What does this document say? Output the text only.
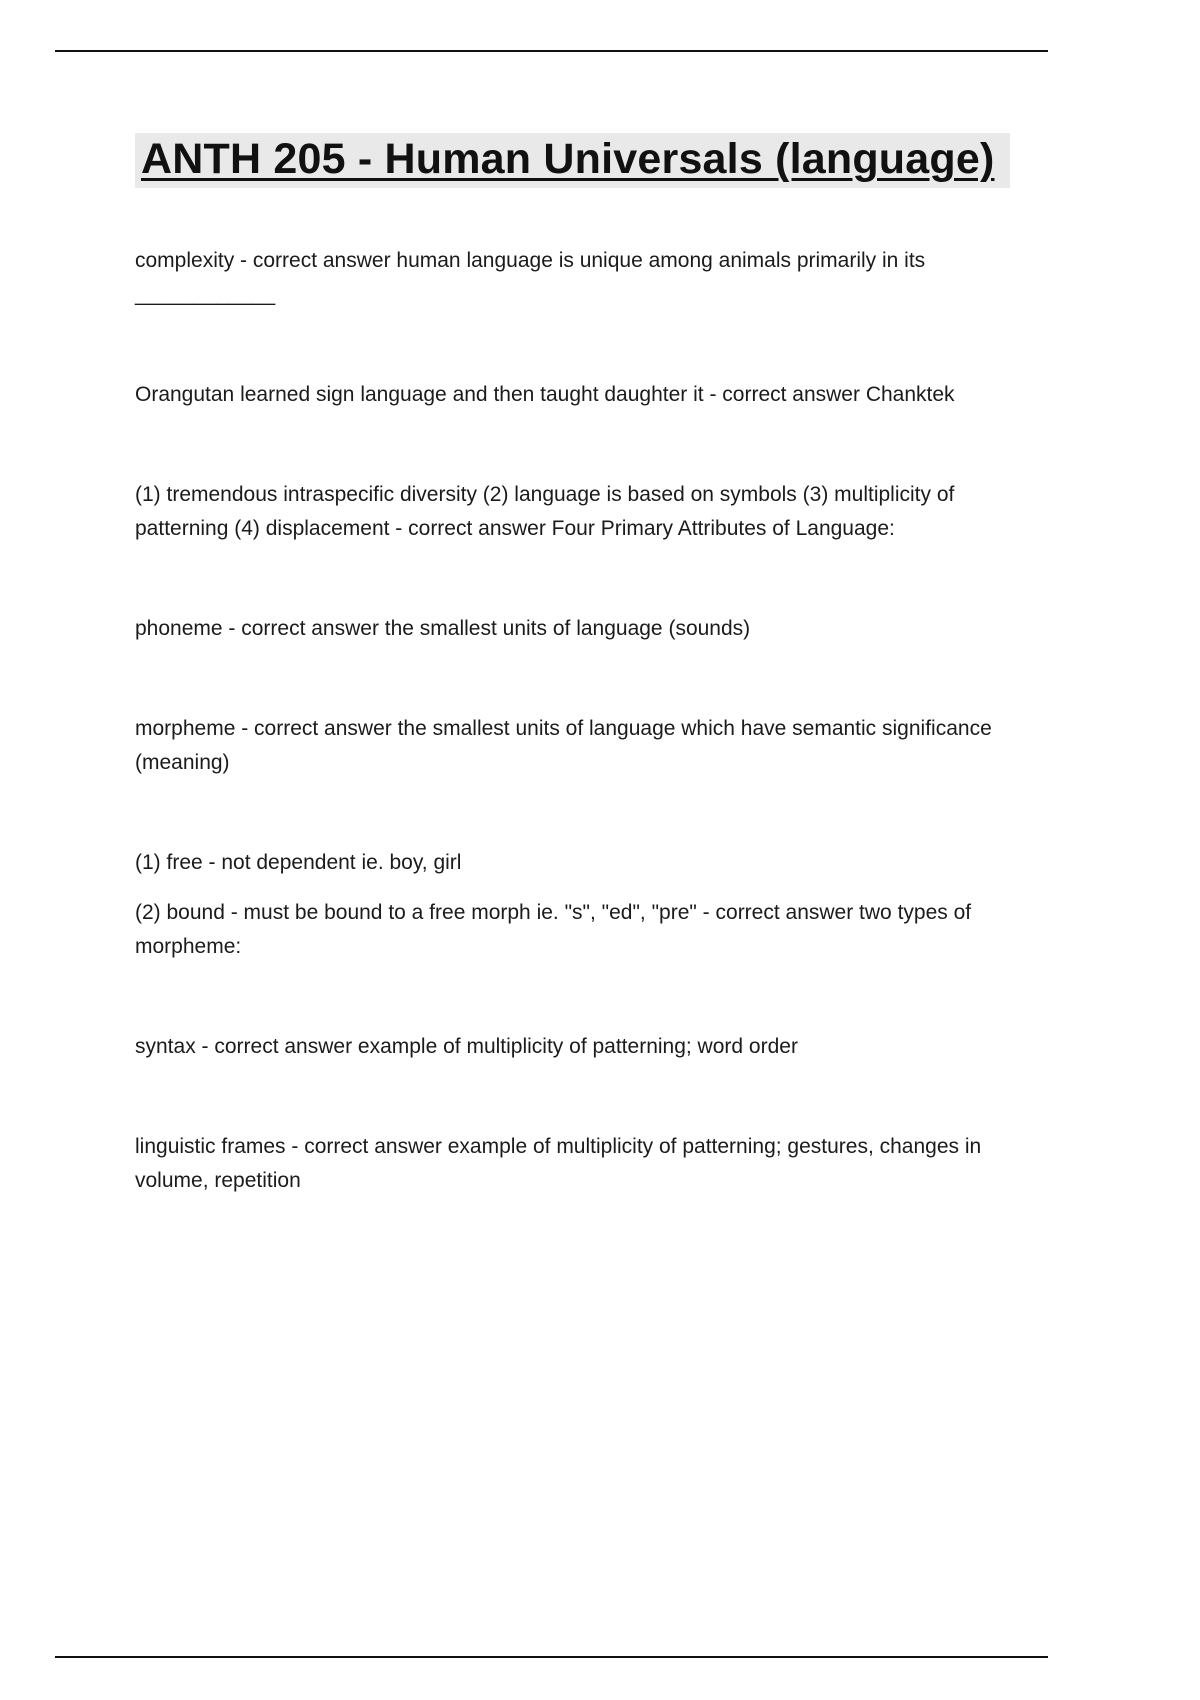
ANTH 205 - Human Universals (language)

complexity - correct answer human language is unique among animals primarily in its ____________

Orangutan learned sign language and then taught daughter it - correct answer Chanktek

(1) tremendous intraspecific diversity (2) language is based on symbols (3) multiplicity of patterning (4) displacement - correct answer Four Primary Attributes of Language:

phoneme - correct answer the smallest units of language (sounds)

morpheme - correct answer the smallest units of language which have semantic significance (meaning)

(1) free - not dependent ie. boy, girl

(2) bound - must be bound to a free morph ie. "s", "ed", "pre" - correct answer two types of morpheme:

syntax - correct answer example of multiplicity of patterning; word order

linguistic frames - correct answer example of multiplicity of patterning; gestures, changes in volume, repetition
